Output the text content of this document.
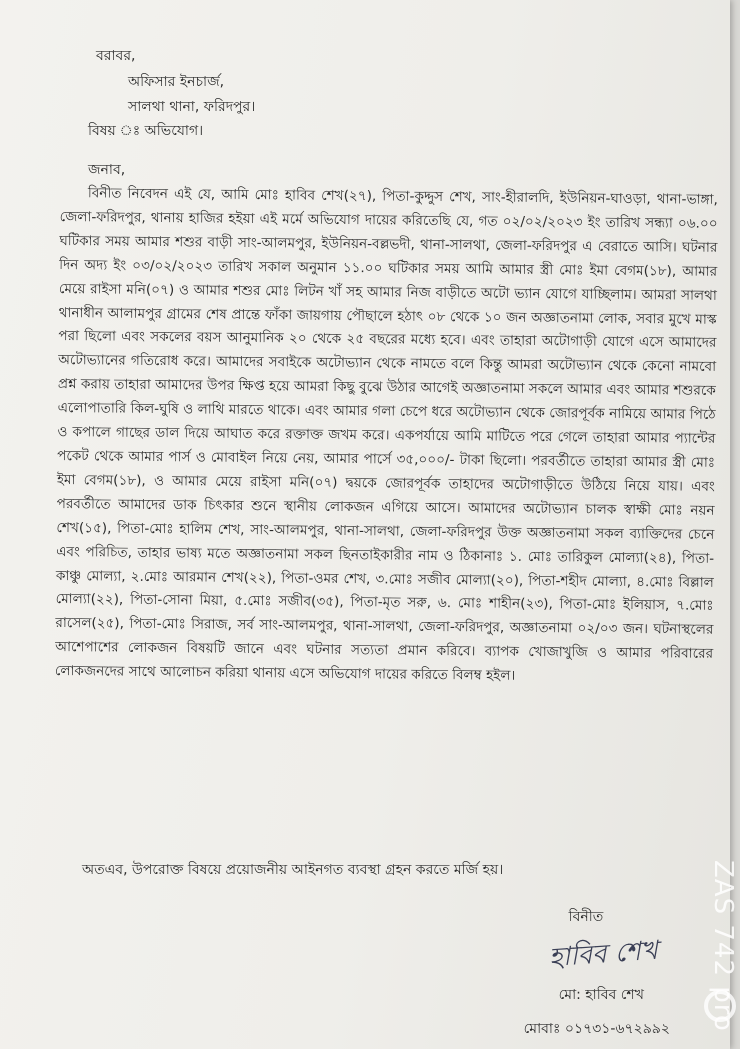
বরাবর,
অফিসার ইনচার্জ,
সালথা থানা, ফরিদপুর।
বিষয় ঃ অভিযোগ।
জনাব,
বিনীত নিবেদন এই যে, আমি মোঃ হাবিব শেখ(২৭), পিতা-কুদ্দুস শেখ, সাং-হীরালদি, ইউনিয়ন-ঘাওড়া, থানা-ভাঙ্গা, জেলা-ফরিদপুর, থানায় হাজির হইয়া এই মর্মে অভিযোগ দায়ের করিতেছি যে, গত ০২/০২/২০২৩ ইং তারিখ সন্ধ্যা ০৬.০০ ঘটিকার সময় আমার শশুর বাড়ী সাং-আলমপুর, ইউনিয়ন-বল্লভদী, থানা-সালথা, জেলা-ফরিদপুর এ বেরাতে আসি। ঘটনার দিন অদ্য ইং ০৩/০২/২০২৩ তারিখ সকাল অনুমান ১১.০০ ঘটিকার সময় আমি আমার স্ত্রী মোঃ ইমা বেগম(১৮), আমার মেয়ে রাইসা মনি(০৭) ও আমার শশুর মোঃ লিটন খাঁ সহ আমার নিজ বাড়ীতে অটো ভ্যান যোগে যাচ্ছিলাম। আমরা সালথা থানাধীন আলামপুর গ্রামের শেষ প্রান্তে ফাঁকা জায়গায় পৌছালে হঠাৎ ০৮ থেকে ১০ জন অজ্ঞাতনামা লোক, সবার মুখে মাস্ক পরা ছিলো এবং সকলের বয়স আনুমানিক ২০ থেকে ২৫ বছরের মধ্যে হবে। এবং তাহারা অটোগাড়ী যোগে এসে আমাদের অটোভ্যানের গতিরোধ করে। আমাদের সবাইকে অটোভ্যান থেকে নামতে বলে কিন্তু আমরা অটোভ্যান থেকে কেনো নামবো প্রশ্ন করায় তাহারা আমাদের উপর ক্ষিপ্ত হয়ে আমরা কিছু বুঝে উঠার আগেই অজ্ঞাতনামা সকলে আমার এবং আমার শশুরকে এলোপাতারি কিল-ঘুষি ও লাথি মারতে থাকে। এবং আমার গলা চেপে ধরে অটোভ্যান থেকে জোরপূর্বক নামিয়ে আমার পিঠে ও কপালে গাছের ডাল দিয়ে আঘাত করে রক্তাক্ত জখম করে। একপর্যায়ে আমি মাটিতে পরে গেলে তাহারা আমার প্যান্টের পকেট থেকে আমার পার্স ও মোবাইল নিয়ে নেয়, আমার পার্সে ৩৫,০০০/- টাকা ছিলো। পরবর্তীতে তাহারা আমার স্ত্রী মোঃ ইমা বেগম(১৮), ও আমার মেয়ে রাইসা মনি(০৭) দ্বয়কে জোরপূর্বক তাহাদের অটোগাড়ীতে উঠিয়ে নিয়ে যায়। এবং পরবর্তীতে আমাদের ডাক চিৎকার শুনে স্থানীয় লোকজন এগিয়ে আসে। আমাদের অটোভ্যান চালক স্বাক্ষী মোঃ নয়ন শেখ(১৫), পিতা-মোঃ হালিম শেখ, সাং-আলমপুর, থানা-সালথা, জেলা-ফরিদপুর উক্ত অজ্ঞাতনামা সকল ব্যাক্তিদের চেনে এবং পরিচিত, তাহার ভাষ্য মতে অজ্ঞাতনামা সকল ছিনতাইকারীর নাম ও ঠিকানাঃ ১. মোঃ তারিকুল মোল্যা(২৪), পিতা-কাঞ্চু মোল্যা, ২.মোঃ আরমান শেখ(২২), পিতা-ওমর শেখ, ৩.মোঃ সজীব মোল্যা(২০), পিতা-শহীদ মোল্যা, ৪.মোঃ বিল্লাল মোল্যা(২২), পিতা-সোনা মিয়া, ৫.মোঃ সজীব(৩৫), পিতা-মৃত সরু, ৬. মোঃ শাহীন(২৩), পিতা-মোঃ ইলিয়াস, ৭.মোঃ রাসেল(২৫), পিতা-মোঃ সিরাজ, সর্ব সাং-আলমপুর, থানা-সালথা, জেলা-ফরিদপুর, অজ্ঞাতনামা ০২/০৩ জন। ঘটনাস্থলের আশেপাশের লোকজন বিষয়টি জানে এবং ঘটনার সত্যতা প্রমান করিবে। ব্যাপক খোজাখুজি ও আমার পরিবারের লোকজনদের সাথে আলোচন করিয়া থানায় এসে অভিযোগ দায়ের করিতে বিলম্ব হইল।
অতএব, উপরোক্ত বিষয়ে প্রয়োজনীয় আইনগত ব্যবস্থা গ্রহন করতে মর্জি হয়।
বিনীত
হাবিব শেখ
মো: হাবিব শেখ
মোবাঃ ০১৭৩১-৬৭২৯৯২ ZAS 742 pro
